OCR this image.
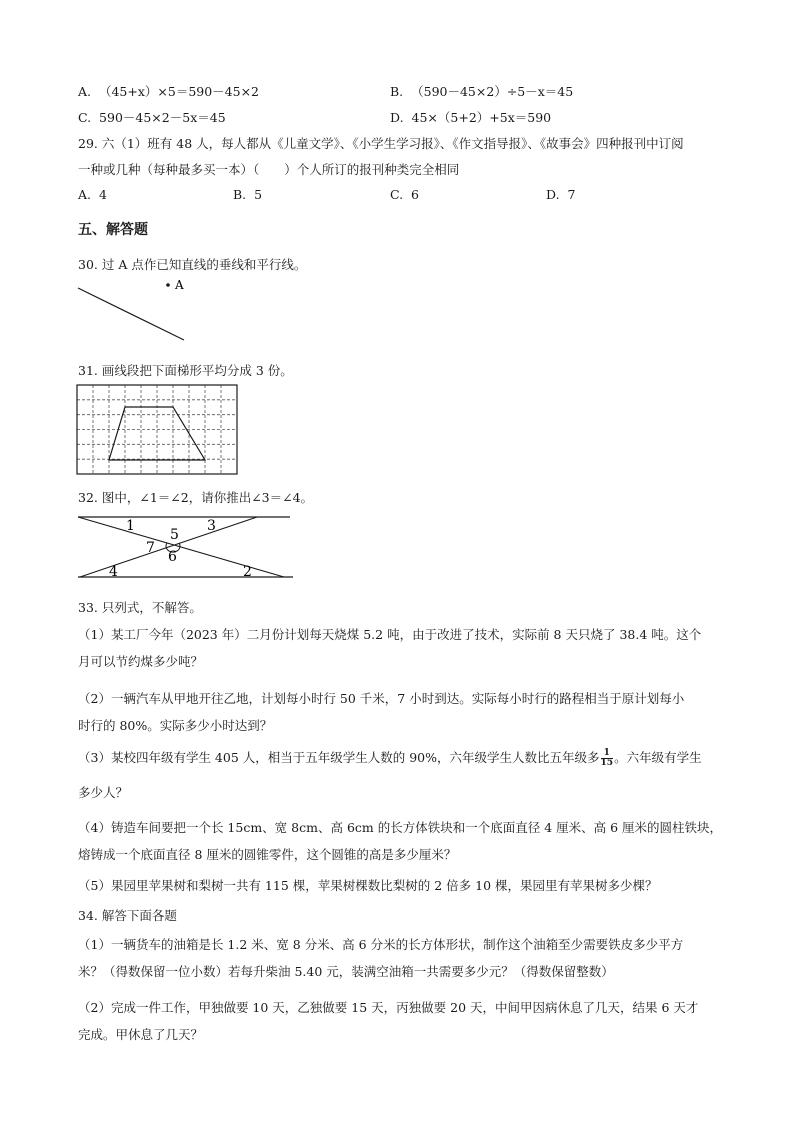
A. （45+x）×5＝590－45×2	B. （590－45×2）÷5－x＝45
C. 590－45×2－5x＝45	D. 45×（5+2）+5x＝590
29. 六（1）班有 48 人，每人都从《儿童文学》、《小学生学习报》、《作文指导报》、《故事会》四种报刊中订阅
一种或几种（每种最多买一本）（　　）个人所订的报刊种类完全相同
A. 4	B. 5	C. 6	D. 7
五、解答题
30. 过 A 点作已知直线的垂线和平行线。
A
31. 画线段把下面梯形平均分成 3 份。
32. 图中，∠1＝∠2，请你推出∠3＝∠4。
1
2
3
4
5
6
7
33. 只列式，不解答。
（1）某工厂今年（2023 年）二月份计划每天烧煤 5.2 吨，由于改进了技术，实际前 8 天只烧了 38.4 吨。这个
月可以节约煤多少吨？
（2）一辆汽车从甲地开往乙地，计划每小时行 50 千米，7 小时到达。实际每小时行的路程相当于原计划每小
时行的 80%。实际多少小时达到？
（3）某校四年级有学生 405 人，相当于五年级学生人数的 90%，六年级学生人数比五年级多 $\frac{1}{15}$ 。六年级有学生
多少人？
（4）铸造车间要把一个长 15cm、宽 8cm、高 6cm 的长方体铁块和一个底面直径 4 厘米、高 6 厘米的圆柱铁块，
熔铸成一个底面直径 8 厘米的圆锥零件，这个圆锥的高是多少厘米？
（5）果园里苹果树和梨树一共有 115 棵，苹果树棵数比梨树的 2 倍多 10 棵，果园里有苹果树多少棵？
34. 解答下面各题
（1）一辆货车的油箱是长 1.2 米、宽 8 分米、高 6 分米的长方体形状，制作这个油箱至少需要铁皮多少平方
米？（得数保留一位小数）若每升柴油 5.40 元，装满空油箱一共需要多少元？（得数保留整数）
（2）完成一件工作，甲独做要 10 天，乙独做要 15 天，丙独做要 20 天，中间甲因病休息了几天，结果 6 天才
完成。甲休息了几天？
